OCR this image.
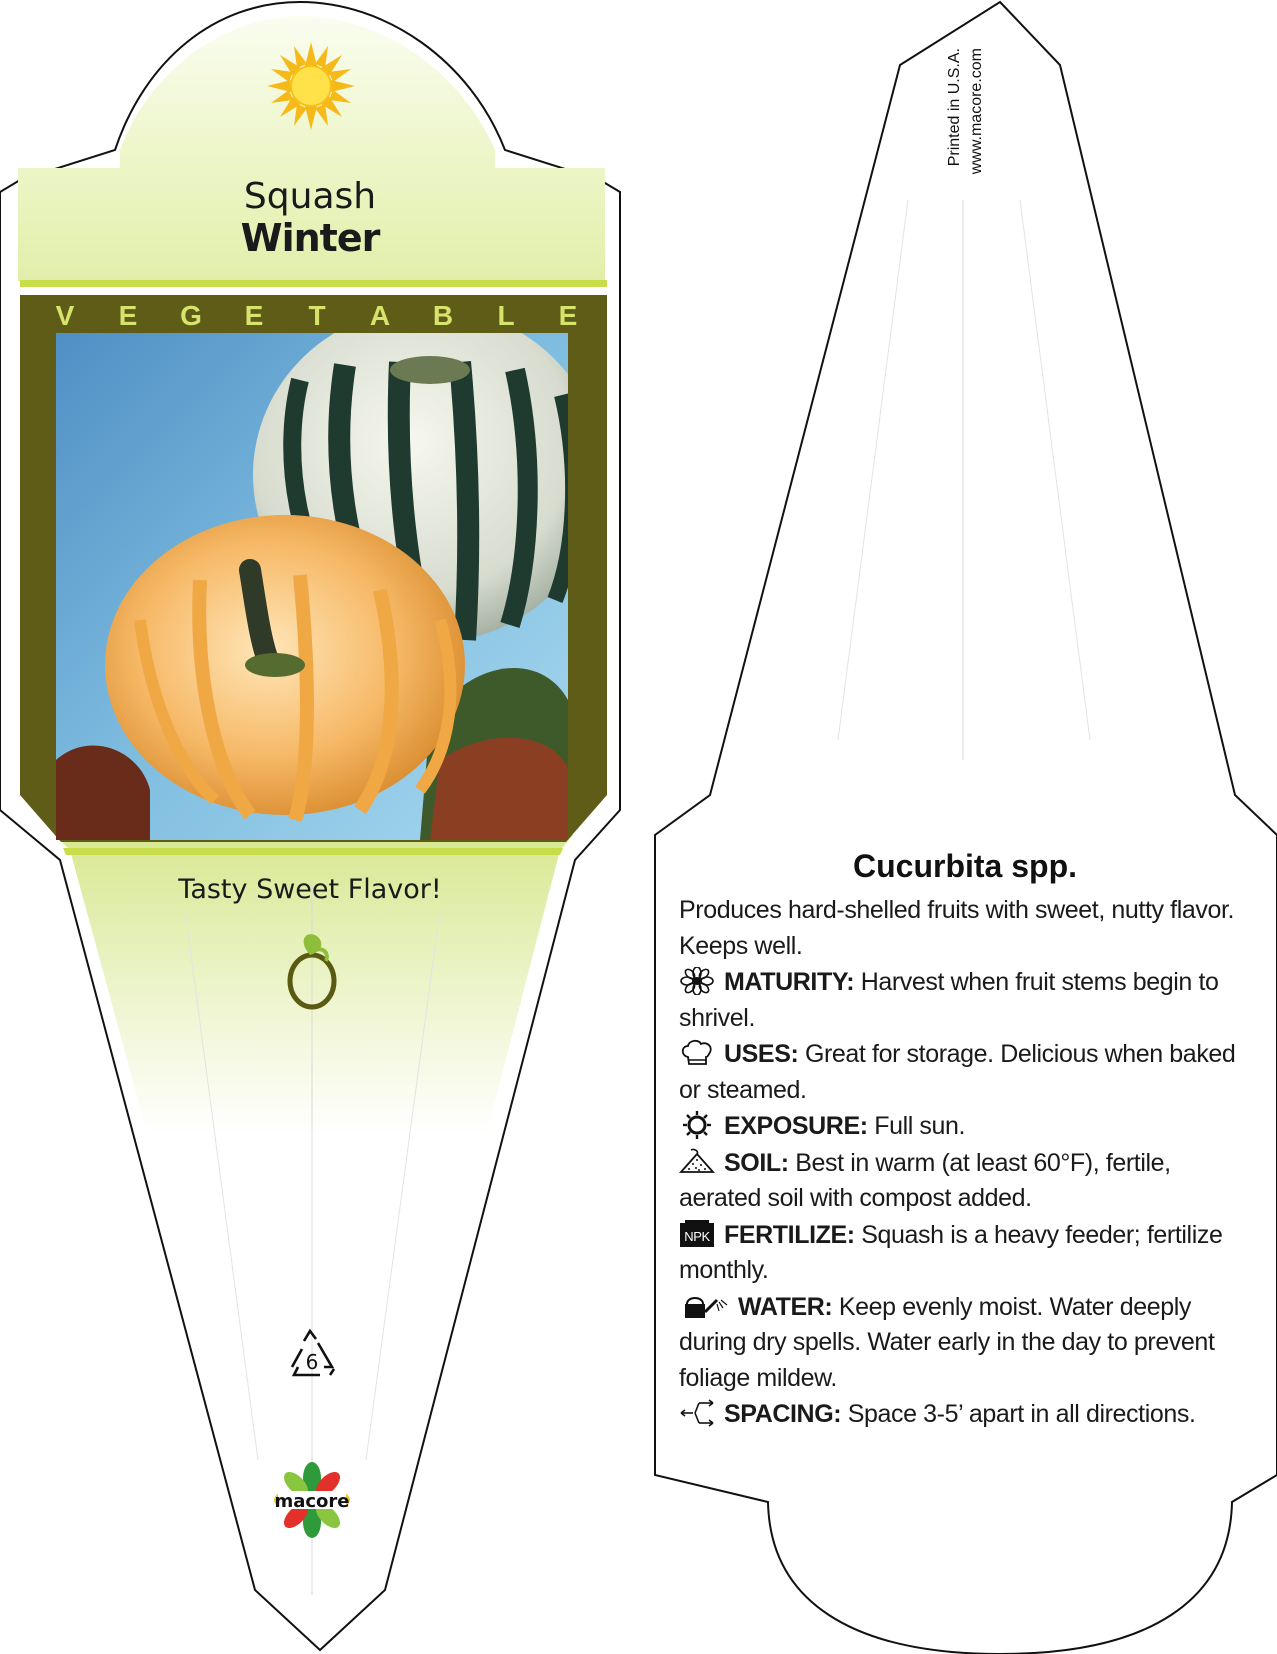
Squash
Winter
V E G E T A B L E
Tasty Sweet Flavor!
6
macore
Printed in U.S.A. www.macore.com
Cucurbita spp.

Produces hard-shelled fruits with sweet, nutty flavor. Keeps well.

MATURITY: Harvest when fruit stems begin to shrivel.

USES: Great for storage. Delicious when baked or steamed.

EXPOSURE: Full sun.

SOIL: Best in warm (at least 60°F), fertile, aerated soil with compost added.

NPK FERTILIZE: Squash is a heavy feeder; fertilize monthly.

WATER: Keep evenly moist. Water deeply during dry spells. Water early in the day to prevent foliage mildew.

SPACING: Space 3-5’ apart in all directions.
